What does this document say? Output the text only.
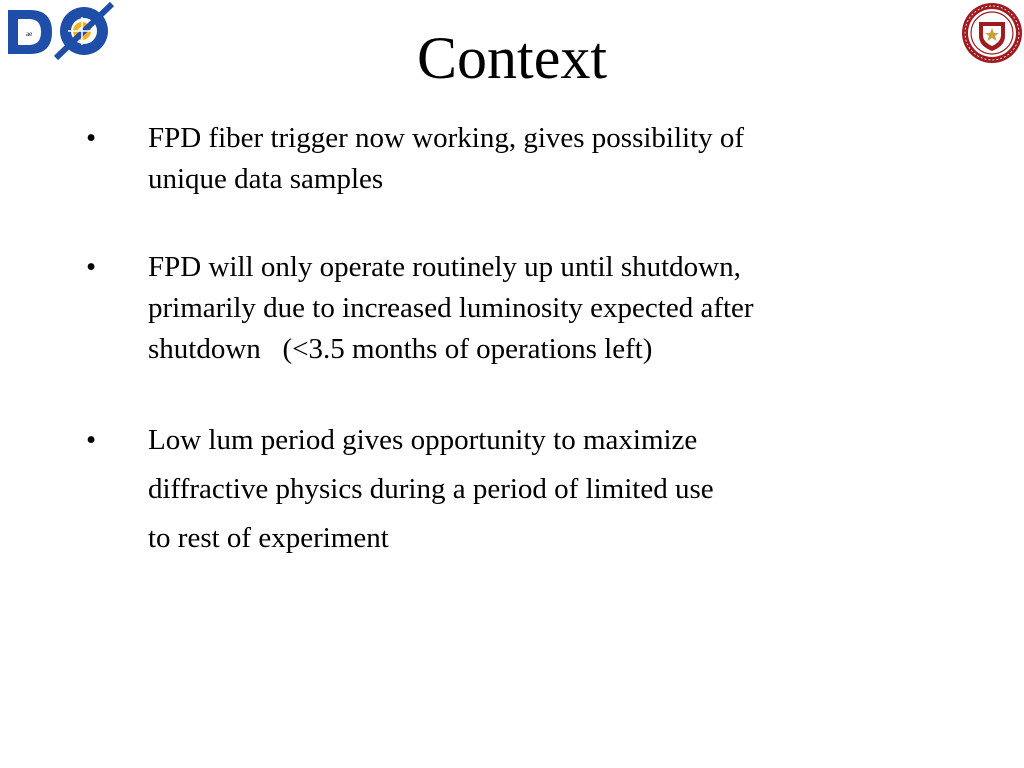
ae	Context
• FPD fiber trigger now working, gives possibility of
unique data samples
• FPD will only operate routinely up until shutdown,
primarily due to increased luminosity expected after
shutdown   (<3.5 months of operations left)
• Low lum period gives opportunity to maximize
diffractive physics during a period of limited use
to rest of experiment
